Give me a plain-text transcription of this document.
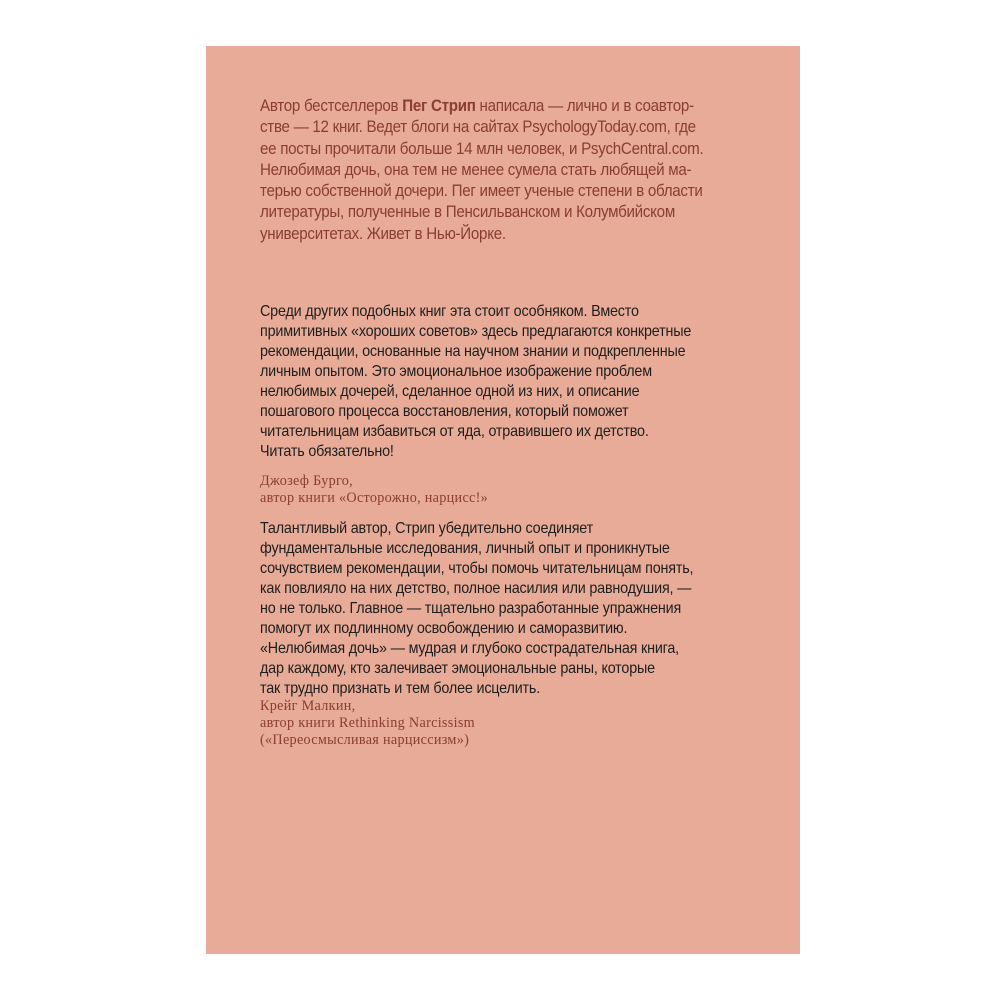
Автор бестселлеров Пег Стрип написала — лично и в соавтор-
стве — 12 книг. Ведет блоги на сайтах PsychologyToday.com, где
ее посты прочитали больше 14 млн человек, и PsychCentral.com.
Нелюбимая дочь, она тем не менее сумела стать любящей ма-
терью собственной дочери. Пег имеет ученые степени в области
литературы, полученные в Пенсильванском и Колумбийском
университетах. Живет в Нью-Йорке.

Среди других подобных книг эта стоит особняком. Вместо
примитивных «хороших советов» здесь предлагаются конкретные
рекомендации, основанные на научном знании и подкрепленные
личным опытом. Это эмоциональное изображение проблем
нелюбимых дочерей, сделанное одной из них, и описание
пошагового процесса восстановления, который поможет
читательницам избавиться от яда, отравившего их детство.
Читать обязательно!

Джозеф Бурго,
автор книги «Осторожно, нарцисс!»

Талантливый автор, Стрип убедительно соединяет
фундаментальные исследования, личный опыт и проникнутые
сочувствием рекомендации, чтобы помочь читательницам понять,
как повлияло на них детство, полное насилия или равнодушия, —
но не только. Главное — тщательно разработанные упражнения
помогут их подлинному освобождению и саморазвитию.
«Нелюбимая дочь» — мудрая и глубоко сострадательная книга,
дар каждому, кто залечивает эмоциональные раны, которые
так трудно признать и тем более исцелить.

Крейг Малкин,
автор книги Rethinking Narcissism
(«Переосмысливая нарциссизм»)
